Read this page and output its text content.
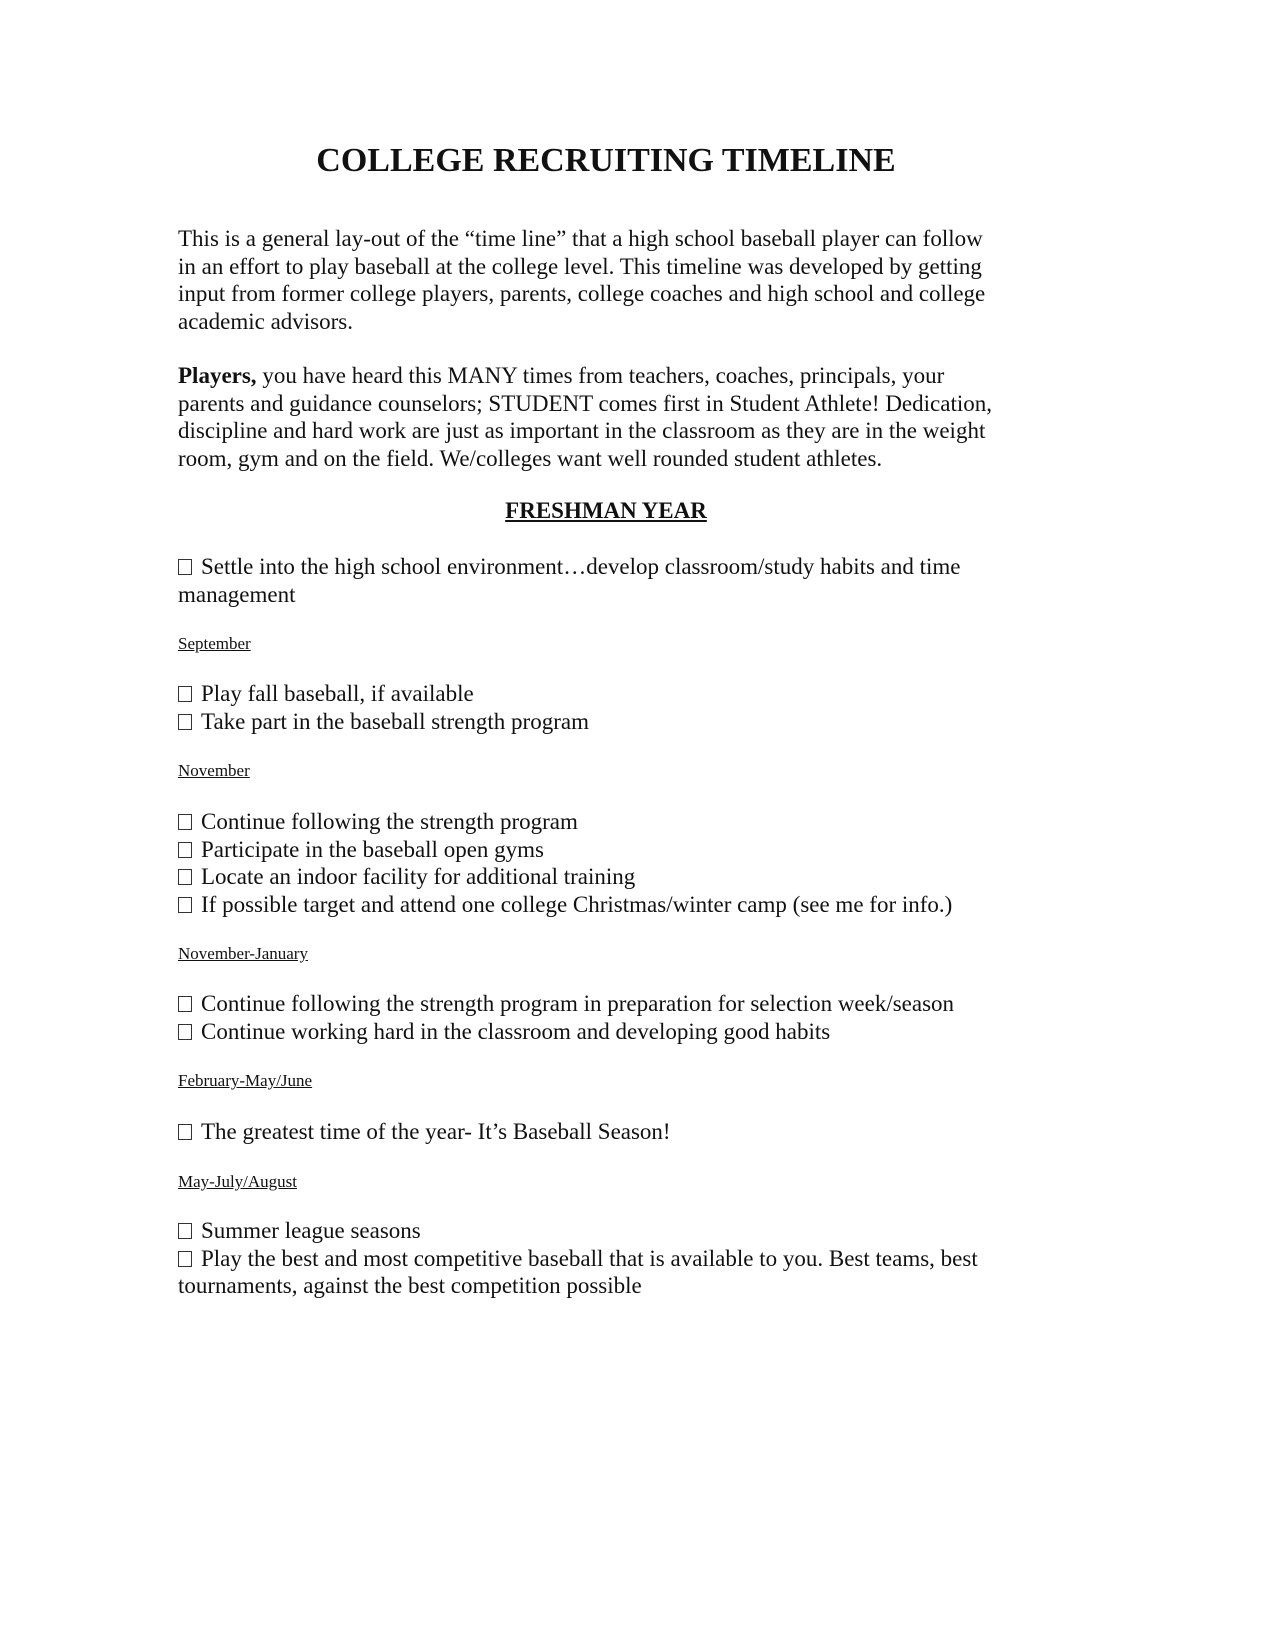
COLLEGE RECRUITING TIMELINE
This is a general lay-out of the “time line” that a high school baseball player can follow
in an effort to play baseball at the college level. This timeline was developed by getting
input from former college players, parents, college coaches and high school and college
academic advisors.
Players, you have heard this MANY times from teachers, coaches, principals, your
parents and guidance counselors; STUDENT comes first in Student Athlete! Dedication,
discipline and hard work are just as important in the classroom as they are in the weight
room, gym and on the field. We/colleges want well rounded student athletes.
FRESHMAN YEAR
Settle into the high school environment…develop classroom/study habits and time
management
September
Play fall baseball, if available
Take part in the baseball strength program
November
Continue following the strength program
Participate in the baseball open gyms
Locate an indoor facility for additional training
If possible target and attend one college Christmas/winter camp (see me for info.)
November-January
Continue following the strength program in preparation for selection week/season
Continue working hard in the classroom and developing good habits
February-May/June
The greatest time of the year- It’s Baseball Season!
May-July/August
Summer league seasons
Play the best and most competitive baseball that is available to you. Best teams, best
tournaments, against the best competition possible
